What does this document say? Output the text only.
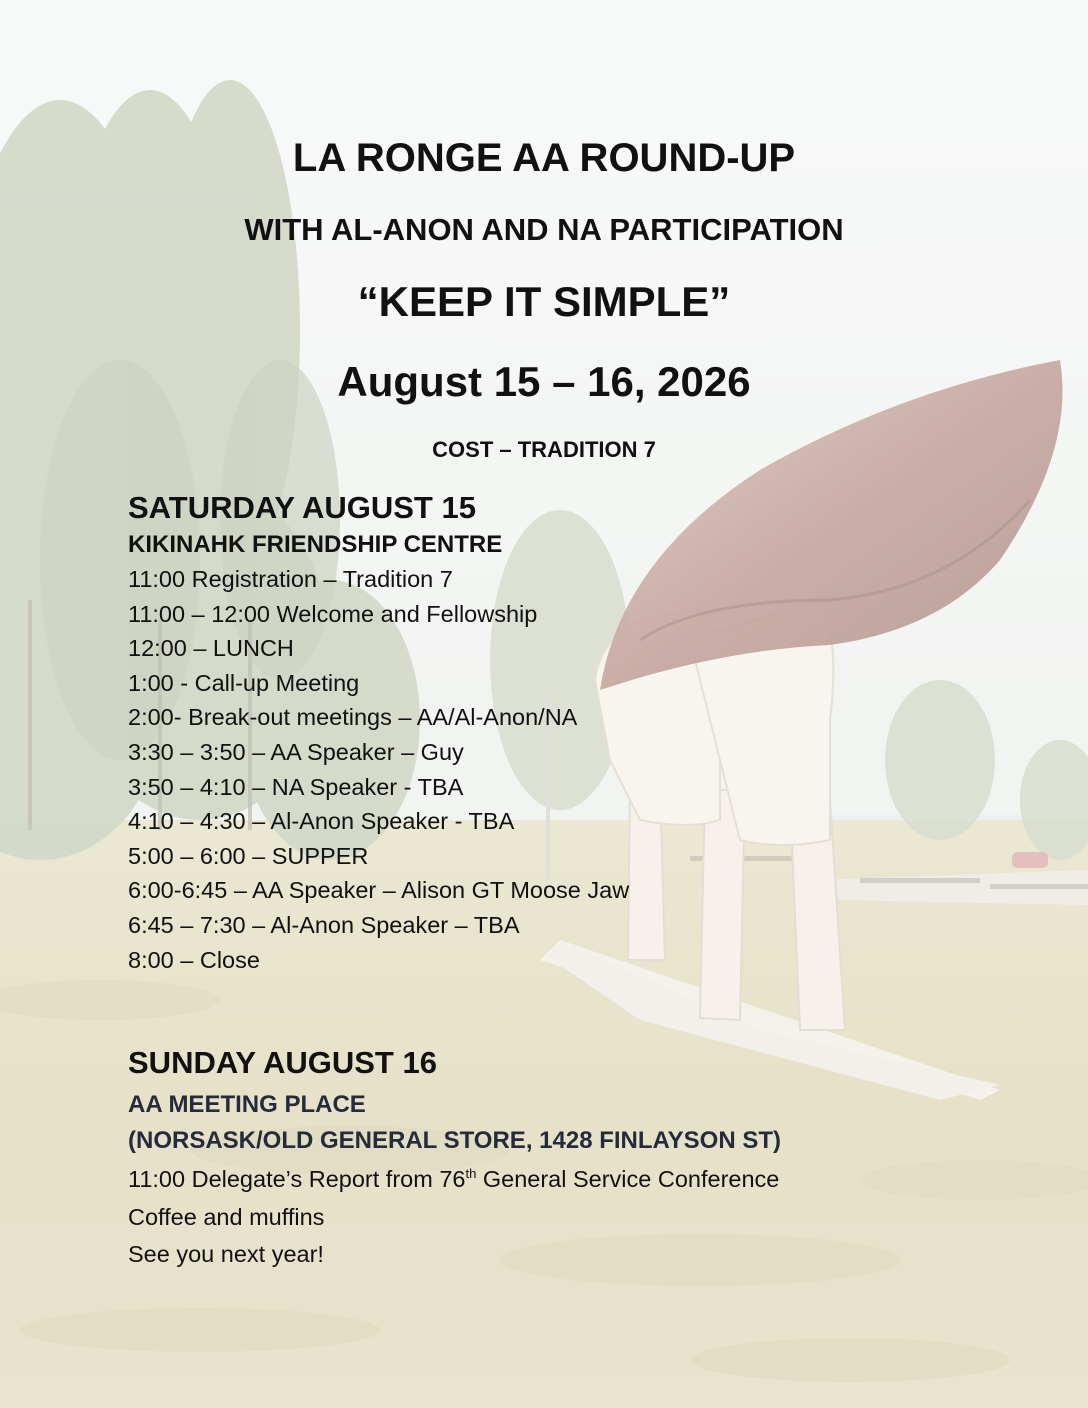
LA RONGE AA ROUND-UP
WITH AL-ANON AND NA PARTICIPATION
“KEEP IT SIMPLE”
August 15 – 16, 2026
COST – TRADITION 7
SATURDAY AUGUST 15
KIKINAHK FRIENDSHIP CENTRE
11:00 Registration – Tradition 7
11:00 – 12:00 Welcome and Fellowship
12:00 – LUNCH
1:00 - Call-up Meeting
2:00- Break-out meetings – AA/Al-Anon/NA
3:30 – 3:50 – AA Speaker – Guy
3:50 – 4:10 – NA Speaker - TBA
4:10 – 4:30 – Al-Anon Speaker - TBA
5:00 – 6:00 – SUPPER
6:00-6:45 – AA Speaker – Alison GT Moose Jaw
6:45 – 7:30 – Al-Anon Speaker – TBA
8:00 – Close
SUNDAY AUGUST 16
AA MEETING PLACE
(NORSASK/OLD GENERAL STORE, 1428 FINLAYSON ST)
11:00 Delegate’s Report from 76th General Service Conference
Coffee and muffins
See you next year!
